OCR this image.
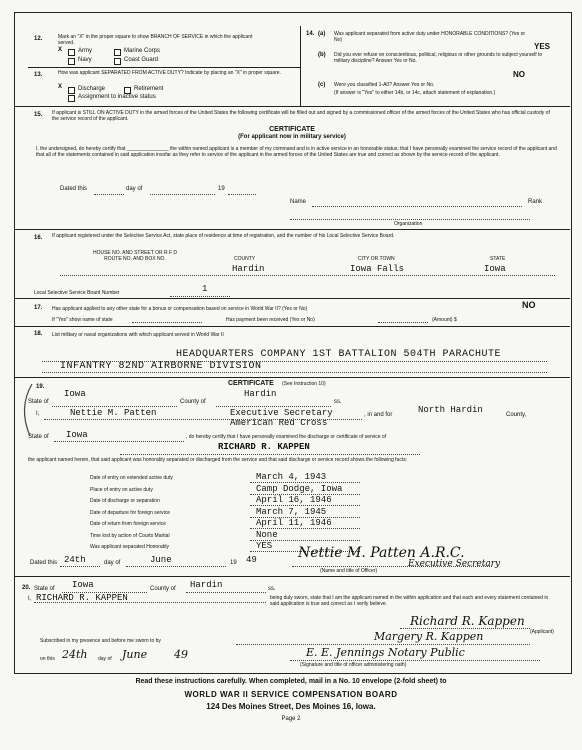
12.	Mark an "X" in the proper square to show BRANCH OF SERVICE in which the applicant served.
X	Army	Marine Corps
Navy	Coast Guard
13.	How was applicant SEPARATED FROM ACTIVE DUTY? Indicate by placing an "X" in proper square.
X	Discharge	Retirement
Assignment to inactive status
14. (a) Was applicant separated from active duty under HONORABLE CONDITIONS? (Yes or No)
YES
(b) Did you ever refuse on conscientious, political, religious or other grounds to subject yourself to military discipline? Answer Yes or No.
NO
(c) Were you classified 1-A0? Answer Yes or No.
(If answer is "Yes" to either 14b, or 14c, attach statement of explanation.)
15. If applicant is STILL ON ACTIVE DUTY in the armed forces of the United States the following certificate will be filled out and signed by a commissioned officer of the armed forces of the United States who has official custody of the service record of the applicant.
CERTIFICATE
(For applicant now in military service)
I, the undersigned, do hereby certify that _______________ the within named applicant is a member of my command and is in active service in an honorable status; that I have personally examined the service record of the applicant and that all of the statements contained in said application insofar as they refer to service of the applicant in the armed forces of the United States are true and correct as shown by the service record of the applicant.
Dated this	day of	19
Name	Rank
Organization
16. If applicant registered under the Selective Service Act, state place of residence at time of registration, and the number of his Local Selective Service Board.
HOUSE NO. AND STREET OR R F D ROUTE NO. AND BOX NO.	COUNTY	CITY OR TOWN	STATE
Hardin	Iowa Falls	Iowa
Local Selective Service Board Number	1
17. Has applicant applied to any other state for a bonus or compensation based on service in World War II? (Yes or No)	NO
If "Yes" show name of state	Has payment been received (Yes or No)	(Amount) $
18. List military or naval organizations with which applicant served in World War II
HEADQUARTERS COMPANY 1ST BATTALION 504TH PARACHUTE
INFANTRY 82ND AIRBORNE DIVISION
19.	CERTIFICATE (See Instruction 10)
Iowa	Hardin
State of	County of	ss.
I,	Nettie M. Patten	Executive Secretary
American Red Cross
, in and for	North Hardin	County,
State of Iowa	, do hereby certify that I have personally examined the discharge or certificate of service of
RICHARD R. KAPPEN
the applicant named herein, that said applicant was honorably separated or discharged from the service and that said discharge or service record shows the following facts:
Date of entry on extended active duty	March 4, 1943
Place of entry on active duty	Camp Dodge, Iowa
Date of discharge or separation	April 16, 1946
Date of departure for foreign service	March 7, 1945
Date of return from foreign service	April 11, 1946
Time lost by action of Courts Martial	None
Was applicant separated Honorably	YES
Dated this 24th	day of	June	19 49	Nettie M. Patten A.R.C.
Executive Secretary
(Name and title of Officer)
20. State of Iowa	County of Hardin	ss.
I, RICHARD R. KAPPEN	being duly sworn, state that I am the applicant named in the within application and that each and every statement contained in said application is true and correct as I verily believe.
Richard R. Kappen
(Applicant)
Subscribed in my presence and before me sworn to by	Margery R. Kappen
on this 24th day of June 49	E. E. Jennings Notary Public
(Signature and title of officer administering oath)
Read these instructions carefully. When completed, mail in a No. 10 envelope (2-fold sheet) to
WORLD WAR II SERVICE COMPENSATION BOARD
124 Des Moines Street, Des Moines 16, Iowa.
Page 2
